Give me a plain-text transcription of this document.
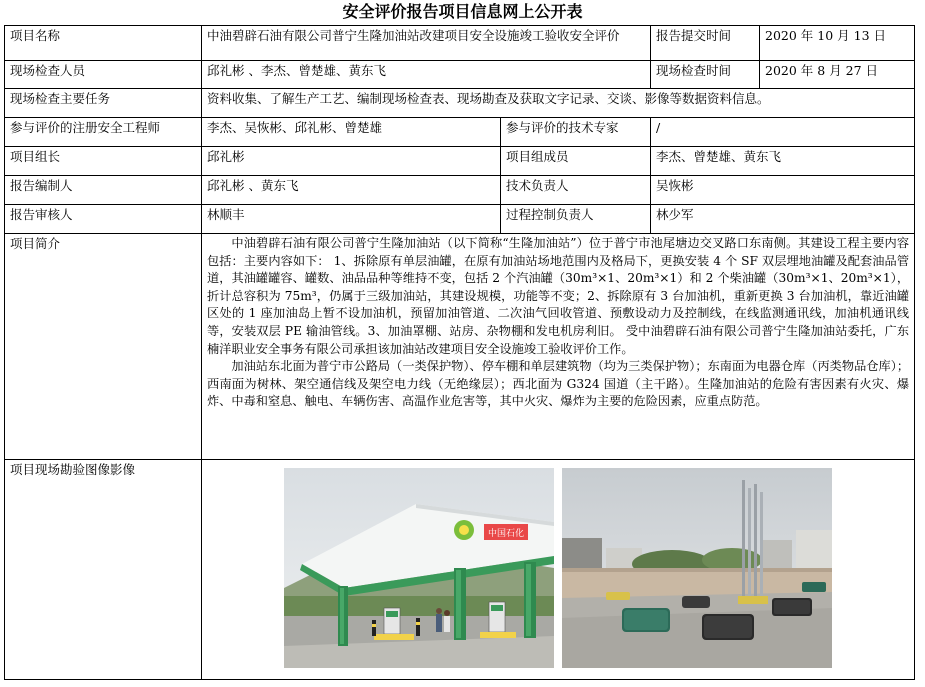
安全评价报告项目信息网上公开表
项目名称	中油碧辟石油有限公司普宁生隆加油站改建项目安全设施竣工验收安全评价		报告提交时间	2020 年 10 月 13 日
现场检查人员	邱礼彬 、李杰、曾楚雄、黄东飞		现场检查时间	2020 年 8 月 27 日
现场检查主要任务	资料收集、了解生产工艺、编制现场检查表、现场勘查及获取文字记录、交谈、影像等数据资料信息。			
参与评价的注册安全工程师	李杰、吴恢彬、邱礼彬、曾楚雄	参与评价的技术专家	/	
项目组长	邱礼彬	项目组成员	李杰、曾楚雄、黄东飞	
报告编制人	邱礼彬 、黄东飞	技术负责人	吴恢彬	
报告审核人	林顺丰	过程控制负责人	林少军	
项目简介	中油碧辟石油有限公司普宁生隆加油站（以下简称“生隆加油站”）位于普宁市池尾塘边交叉路口东南侧。其建设工程主要内容包括：主要内容如下： 1、拆除原有单层油罐，在原有加油站场地范围内及格局下，更换安装 4 个 SF 双层埋地油罐及配套油品管道，其油罐罐容、罐数、油品品种等维持不变，包括 2 个汽油罐（30m³×1、20m³×1）和 2 个柴油罐（30m³×1、20m³×1），折计总容积为 75m³，仍属于三级加油站，其建设规模，功能等不变；2、拆除原有 3 台加油机，重新更换 3 台加油机，靠近油罐区处的 1 座加油岛上暂不设加油机，预留加油管道、二次油气回收管道、预敷设动力及控制线，在线监测通讯线，加油机通讯线等，安装双层 PE 输油管线。3、加油罩棚、站房、杂物棚和发电机房利旧。 受中油碧辟石油有限公司普宁生隆加油站委托，广东楠洋职业安全事务有限公司承担该加油站改建项目安全设施竣工验收评价工作。

加油站东北面为普宁市公路局（一类保护物）、停车棚和单层建筑物（均为三类保护物）；东南面为电器仓库（丙类物品仓库）；西南面为树林、架空通信线及架空电力线（无绝缘层）；西北面为 G324 国道（主干路）。生隆加油站的危险有害因素有火灾、爆炸、中毒和窒息、触电、车辆伤害、高温作业危害等，其中火灾、爆炸为主要的危险因素，应重点防范。			

项目现场勘验图像影像	中国石化			
